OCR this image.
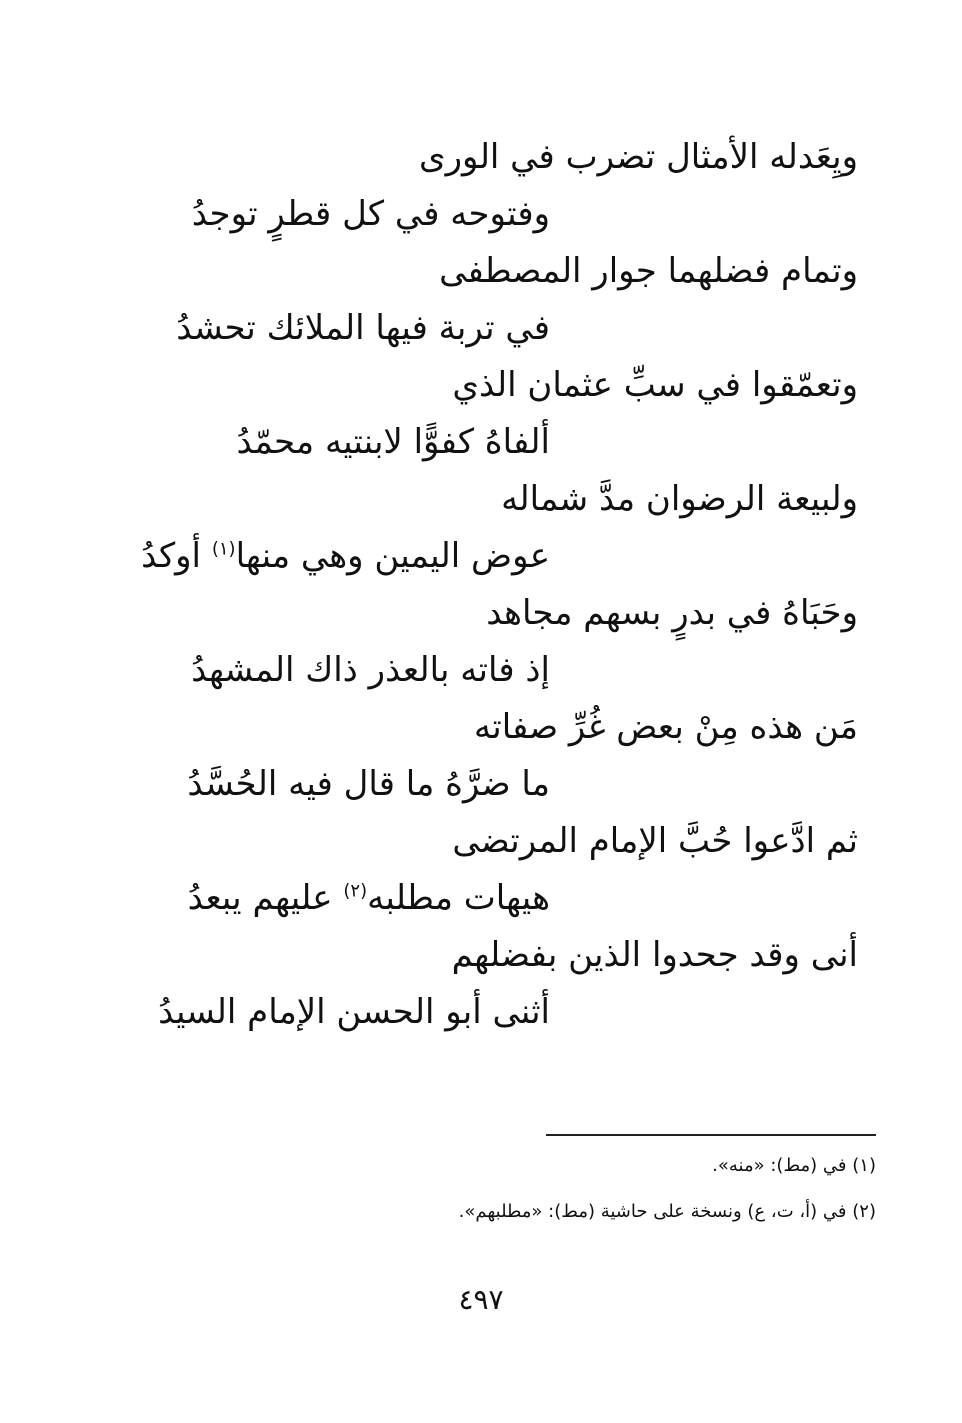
ويِعَدله الأمثال تضرب في الورى
وفتوحه في كل قطرٍ توجدُ
وتمام فضلهما جوار المصطفى
في تربة فيها الملائك تحشدُ
وتعمّقوا في سبِّ عثمان الذي
ألفاهُ كفوًّا لابنتيه محمّدُ
ولبيعة الرضوان مدَّ شماله
عوض اليمين وهي منها$^{(١)}$ أوكدُ
وحَبَاهُ في بدرٍ بسهم مجاهد
إذ فاته بالعذر ذاك المشهدُ
مَن هذه مِنْ بعض غُرِّ صفاته
ما ضرَّهُ ما قال فيه الحُسَّدُ
ثم ادَّعوا حُبَّ الإمام المرتضى
هيهات مطلبه$^{(٢)}$ عليهم يبعدُ
أنى وقد جحدوا الذين بفضلهم
أثنى أبو الحسن الإمام السيدُ
(١) في (مط): «منه».
(٢) في (أ، ت، ع) ونسخة على حاشية (مط): «مطلبهم».
٤٩٧
